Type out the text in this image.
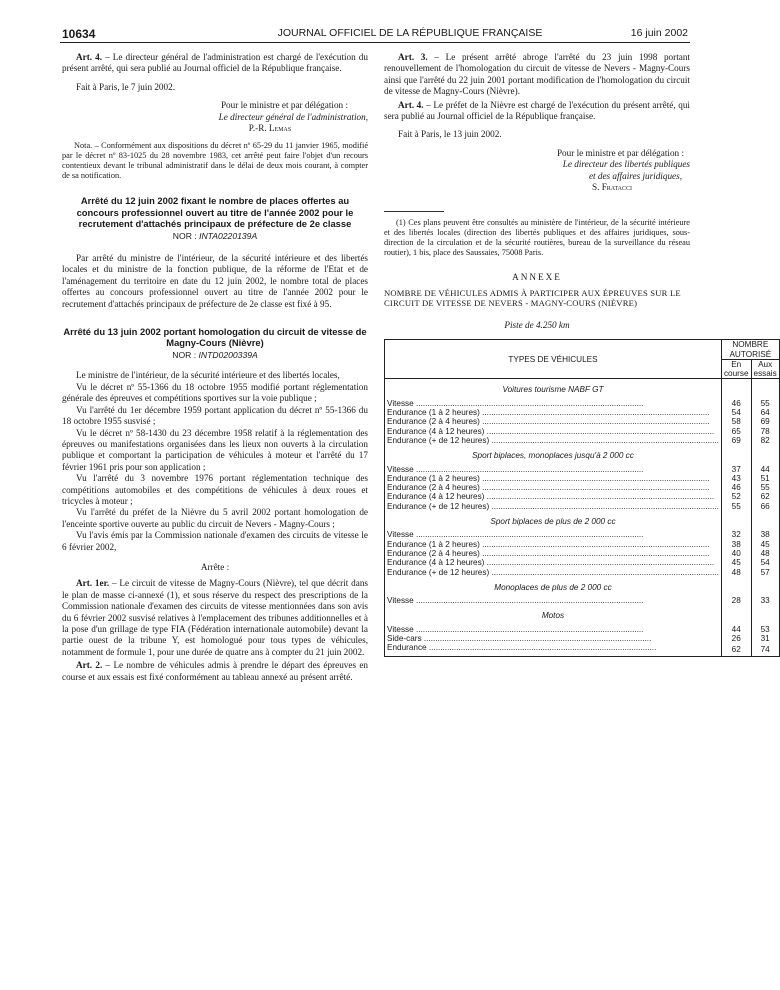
10634	JOURNAL OFFICIEL DE LA RÉPUBLIQUE FRANÇAISE	16 juin 2002

Art. 4. – Le directeur général de l'administration est chargé de l'exécution du présent arrêté, qui sera publié au Journal officiel de la République française.

Fait à Paris, le 7 juin 2002.

Pour le ministre et par délégation :

Le directeur général de l'administration,

P.-R. Lemas

Nota. – Conformément aux dispositions du décret nº 65-29 du 11 janvier 1965, modifié par le décret nº 83-1025 du 28 novembre 1983, cet arrêté peut faire l'objet d'un recours contentieux devant le tribunal administratif dans le délai de deux mois courant, à compter de sa notification.

Arrêté du 12 juin 2002 fixant le nombre de places offertes au concours professionnel ouvert au titre de l'année 2002 pour le recrutement d'attachés principaux de préfecture de 2e classe

NOR : INTA0220139A

Par arrêté du ministre de l'intérieur, de la sécurité intérieure et des libertés locales et du ministre de la fonction publique, de la réforme de l'Etat et de l'aménagement du territoire en date du 12 juin 2002, le nombre total de places offertes au concours professionnel ouvert au titre de l'année 2002 pour le recrutement d'attachés principaux de préfecture de 2e classe est fixé à 95.

Arrêté du 13 juin 2002 portant homologation du circuit de vitesse de Magny-Cours (Nièvre)

NOR : INTD0200339A

Le ministre de l'intérieur, de la sécurité intérieure et des libertés locales,

Vu le décret nº 55-1366 du 18 octobre 1955 modifié portant réglementation générale des épreuves et compétitions sportives sur la voie publique ;

Vu l'arrêté du 1er décembre 1959 portant application du décret nº 55-1366 du 18 octobre 1955 susvisé ;

Vu le décret nº 58-1430 du 23 décembre 1958 relatif à la réglementation des épreuves ou manifestations organisées dans les lieux non ouverts à la circulation publique et comportant la participation de véhicules à moteur et l'arrêté du 17 février 1961 pris pour son application ;

Vu l'arrêté du 3 novembre 1976 portant réglementation technique des compétitions automobiles et des compétitions de véhicules à deux roues et tricycles à moteur ;

Vu l'arrêté du préfet de la Nièvre du 5 avril 2002 portant homologation de l'enceinte sportive ouverte au public du circuit de Nevers - Magny-Cours ;

Vu l'avis émis par la Commission nationale d'examen des circuits de vitesse le 6 février 2002,

Arrête :

Art. 1er. – Le circuit de vitesse de Magny-Cours (Nièvre), tel que décrit dans le plan de masse ci-annexé (1), et sous réserve du respect des prescriptions de la Commission nationale d'examen des circuits de vitesse mentionnées dans son avis du 6 février 2002 susvisé relatives à l'emplacement des tribunes additionnelles et à la pose d'un grillage de type FIA (Fédération internationale automobile) devant la partie ouest de la tribune Y, est homologué pour tous types de véhicules, notamment de formule 1, pour une durée de quatre ans à compter du 21 juin 2002.

Art. 2. – Le nombre de véhicules admis à prendre le départ des épreuves en course et aux essais est fixé conformément au tableau annexé au présent arrêté.

Art. 3. – Le présent arrêté abroge l'arrêté du 23 juin 1998 portant renouvellement de l'homologation du circuit de vitesse de Nevers - Magny-Cours ainsi que l'arrêté du 22 juin 2001 portant modification de l'homologation du circuit de vitesse de Magny-Cours (Nièvre).

Art. 4. – Le préfet de la Nièvre est chargé de l'exécution du présent arrêté, qui sera publié au Journal officiel de la République française.

Fait à Paris, le 13 juin 2002.

Pour le ministre et par délégation :

Le directeur des libertés publiques

et des affaires juridiques,

S. Fratacci

(1) Ces plans peuvent être consultés au ministère de l'intérieur, de la sécurité intérieure et des libertés locales (direction des libertés publiques et des affaires juridiques, sous-direction de la circulation et de la sécurité routières, bureau de la surveillance du réseau routier), 1 bis, place des Saussaies, 75008 Paris.

ANNEXE

NOMBRE DE VÉHICULES ADMIS À PARTICIPER AUX ÉPREUVES SUR LE CIRCUIT DE VITESSE DE NEVERS - MAGNY-COURS (NIÈVRE)

Piste de 4.250 km

TYPES DE VÉHICULES	NOMBRE AUTORISÉ	
	En course	Aux essais
Voitures tourisme NABF GT		

Vitesse .....	46	55

Endurance (1 à 2 heures) .....	54	64

Endurance (2 à 4 heures) .....	58	69

Endurance (4 à 12 heures) .....	65	78

Endurance (+ de 12 heures) .....	69	82
Sport biplaces, monoplaces jusqu'à 2 000 cc		

Vitesse .....	37	44

Endurance (1 à 2 heures) .....	43	51

Endurance (2 à 4 heures) .....	46	55

Endurance (4 à 12 heures) .....	52	62

Endurance (+ de 12 heures) .....	55	66
Sport biplaces de plus de 2 000 cc		

Vitesse .....	32	38

Endurance (1 à 2 heures) .....	38	45

Endurance (2 à 4 heures) .....	40	48

Endurance (4 à 12 heures) .....	45	54

Endurance (+ de 12 heures) .....	48	57
Monoplaces de plus de 2 000 cc		

Vitesse .....	28	33
Motos		

Vitesse .....	44	53

Side-cars .....	26	31

Endurance .....	62	74
